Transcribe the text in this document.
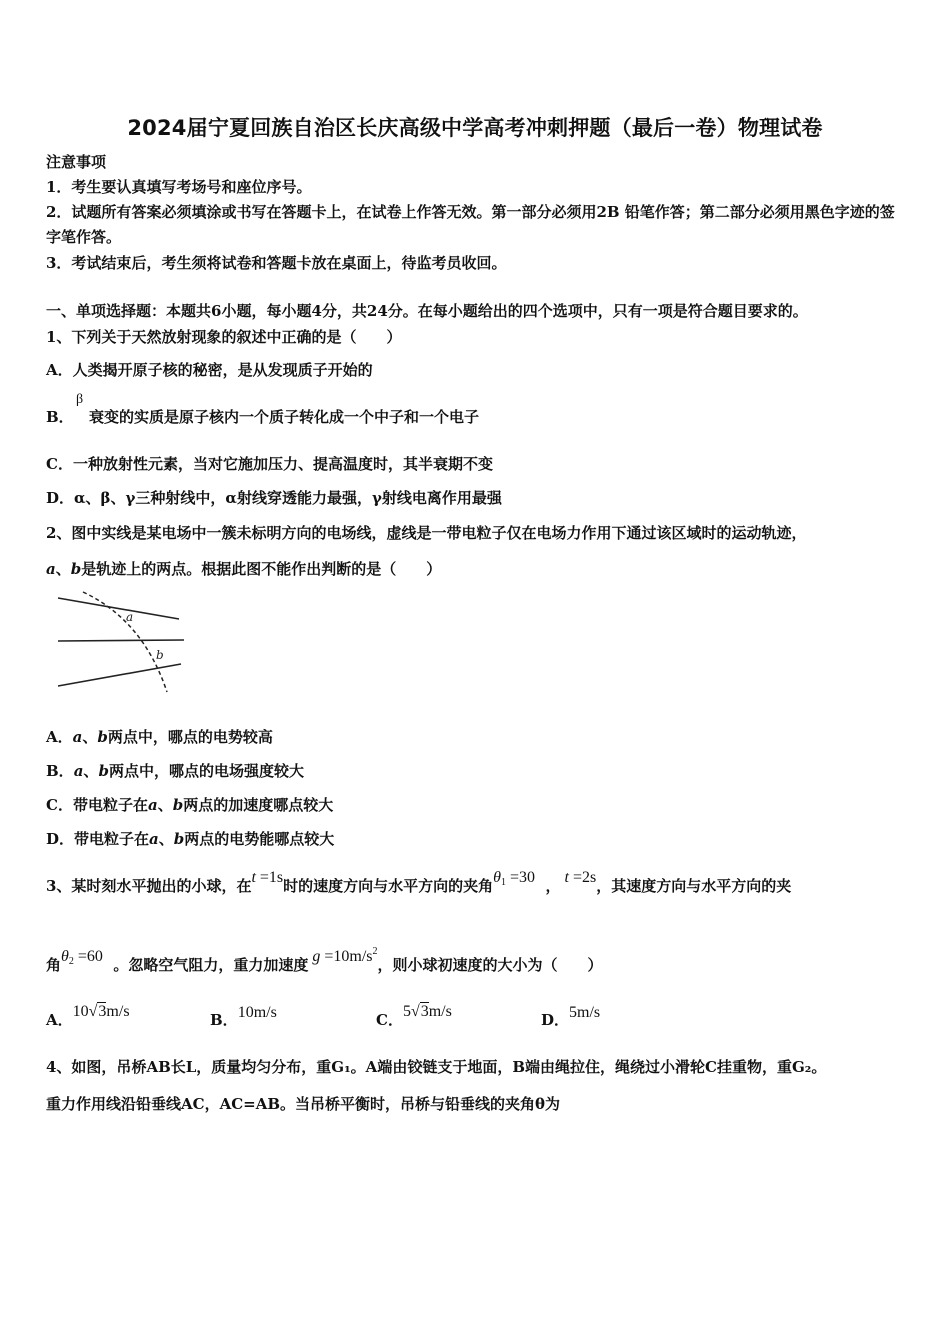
2024届宁夏回族自治区长庆高级中学高考冲刺押题（最后一卷）物理试卷
注意事项
1．考生要认真填写考场号和座位序号。
2．试题所有答案必须填涂或书写在答题卡上，在试卷上作答无效。第一部分必须用2B 铅笔作答；第二部分必须用黑色字迹的签字笔作答。
3．考试结束后，考生须将试卷和答题卡放在桌面上，待监考员收回。
一、单项选择题：本题共6小题，每小题4分，共24分。在每小题给出的四个选项中，只有一项是符合题目要求的。
1、下列关于天然放射现象的叙述中正确的是（　　）
A．人类揭开原子核的秘密，是从发现质子开始的
B．
β
衰变的实质是原子核内一个质子转化成一个中子和一个电子
C．一种放射性元素，当对它施加压力、提高温度时，其半衰期不变
D．α、β、γ三种射线中，α射线穿透能力最强，γ射线电离作用最强
2、图中实线是某电场中一簇未标明方向的电场线，虚线是一带电粒子仅在电场力作用下通过该区域时的运动轨迹，
a、b是轨迹上的两点。根据此图不能作出判断的是（　　）
a
b
A．a、b两点中，哪点的电势较高
B．a、b两点中，哪点的电场强度较大
C．带电粒子在a、b两点的加速度哪点较大
D．带电粒子在a、b两点的电势能哪点较大
3、某时刻水平抛出的小球，在t =1s时的速度方向与水平方向的夹角$\theta_1 =30$ ， t =2s，其速度方向与水平方向的夹
角$\theta_2 =60$ 。忽略空气阻力，重力加速度 $g =10m/s^2$，则小球初速度的大小为（　　）
A．10√3m/s	B．10m/s	C．5√3m/s	D．5m/s
4、如图，吊桥AB长L，质量均匀分布，重G₁。A端由铰链支于地面，B端由绳拉住，绳绕过小滑轮C挂重物，重G₂。
重力作用线沿铅垂线AC，AC=AB。当吊桥平衡时，吊桥与铅垂线的夹角θ为
